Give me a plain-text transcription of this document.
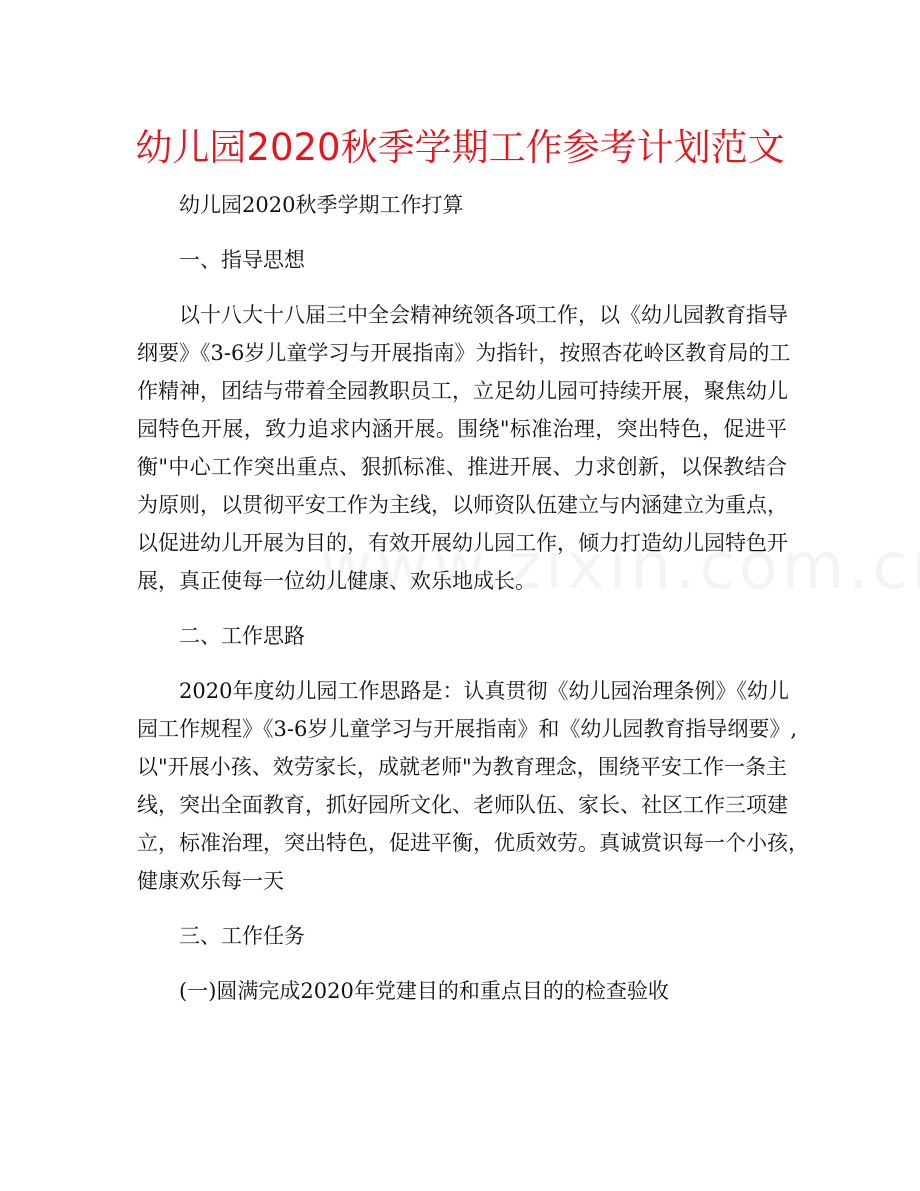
幼儿园2020秋季学期工作参考计划范文
幼儿园2020秋季学期工作打算
一、指导思想
以十八大十八届三中全会精神统领各项工作，以《幼儿园教育指导
纲要》《3-6岁儿童学习与开展指南》为指针，按照杏花岭区教育局的工
作精神，团结与带着全园教职员工，立足幼儿园可持续开展，聚焦幼儿
园特色开展，致力追求内涵开展。围绕"标准治理，突出特色，促进平
衡"中心工作突出重点、狠抓标准、推进开展、力求创新，以保教结合
为原则，以贯彻平安工作为主线，以师资队伍建立与内涵建立为重点，
以促进幼儿开展为目的，有效开展幼儿园工作，倾力打造幼儿园特色开
展，真正使每一位幼儿健康、欢乐地成长。
二、工作思路
2020年度幼儿园工作思路是：认真贯彻《幼儿园治理条例》《幼儿
园工作规程》《3-6岁儿童学习与开展指南》和《幼儿园教育指导纲要》,
以"开展小孩、效劳家长，成就老师"为教育理念，围绕平安工作一条主
线，突出全面教育，抓好园所文化、老师队伍、家长、社区工作三项建
立，标准治理，突出特色，促进平衡，优质效劳。真诚赏识每一个小孩，
健康欢乐每一天
三、工作任务
(一)圆满完成2020年党建目的和重点目的的检查验收
